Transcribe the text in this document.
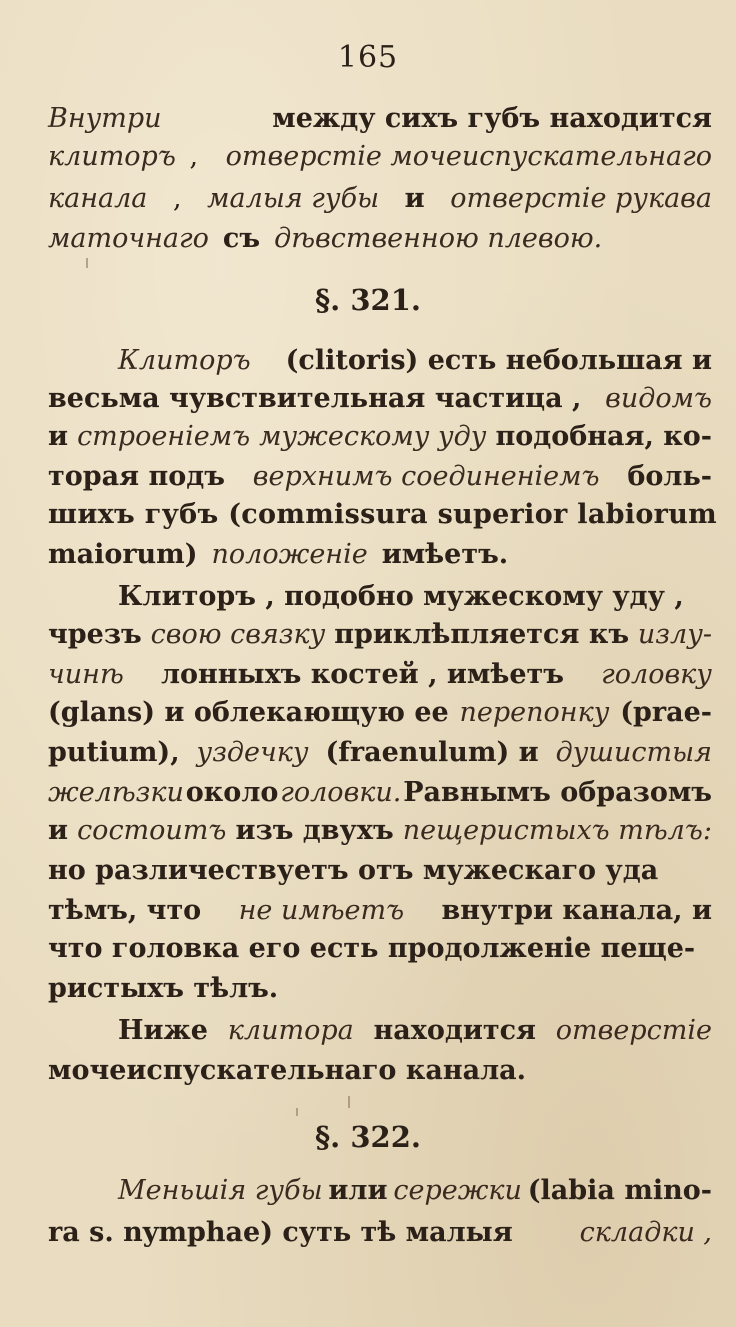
165
Внутри	между сихъ губъ находится
клиторъ , отверстіе мочеиспускательнаго
канала , малыя губы и отверстіе рукава
маточнаго съ дѣвственною плевою.
§. 321.
Клиторъ (clitoris) есть небольшая и
весьма чувствительная частица , видомъ
и строеніемъ мужескому уду подобная, ко-
торая подъ верхнимъ соединеніемъ боль-
шихъ губъ (commissura superior labiorum
maiorum) положеніе имѣетъ.
Клиторъ , подобно мужескому уду ,
чрезъ свою связку приклѣпляется къ излу-
чинѣ лонныхъ костей , имѣетъ головку
(glans) и облекающую ее перепонку (prae-
putium), уздечку (fraenulum) и душистыя
желѣзки около головки. Равнымъ образомъ
и состоитъ изъ двухъ пещеристыхъ тѣлъ:
но различествуетъ отъ мужескаго уда
тѣмъ, что не имѣетъ внутри канала, и
что головка его есть продолженіе пеще-
ристыхъ тѣлъ.
Ниже клитора находится отверстіе
мочеиспускательнаго канала.
§. 322.
Меньшія губы или сережки (labia mino-
ra s. nymphae) суть тѣ малыя складки ,
